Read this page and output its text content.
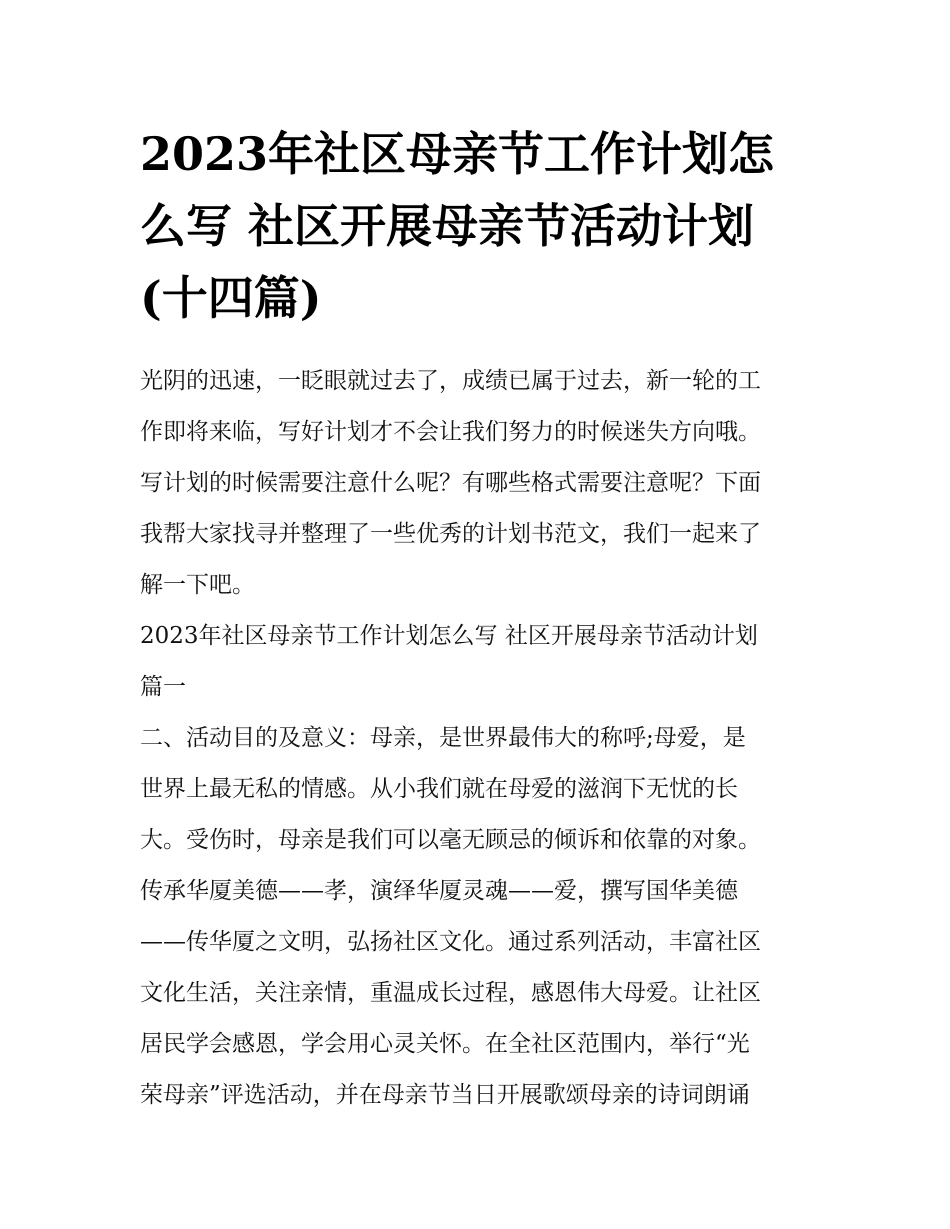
2023年社区母亲节工作计划怎
么写 社区开展母亲节活动计划
(十四篇)

光阴的迅速，一眨眼就过去了，成绩已属于过去，新一轮的工
作即将来临，写好计划才不会让我们努力的时候迷失方向哦。
写计划的时候需要注意什么呢？有哪些格式需要注意呢？下面
我帮大家找寻并整理了一些优秀的计划书范文，我们一起来了
解一下吧。

2023年社区母亲节工作计划怎么写 社区开展母亲节活动计划
篇一

二、活动目的及意义：母亲，是世界最伟大的称呼;母爱，是
世界上最无私的情感。从小我们就在母爱的滋润下无忧的长
大。受伤时，母亲是我们可以毫无顾忌的倾诉和依靠的对象。
传承华厦美德——孝，演绎华厦灵魂——爱，撰写国华美德
——传华厦之文明，弘扬社区文化。通过系列活动，丰富社区
文化生活，关注亲情，重温成长过程，感恩伟大母爱。让社区
居民学会感恩，学会用心灵关怀。在全社区范围内，举行“光
荣母亲”评选活动，并在母亲节当日开展歌颂母亲的诗词朗诵
